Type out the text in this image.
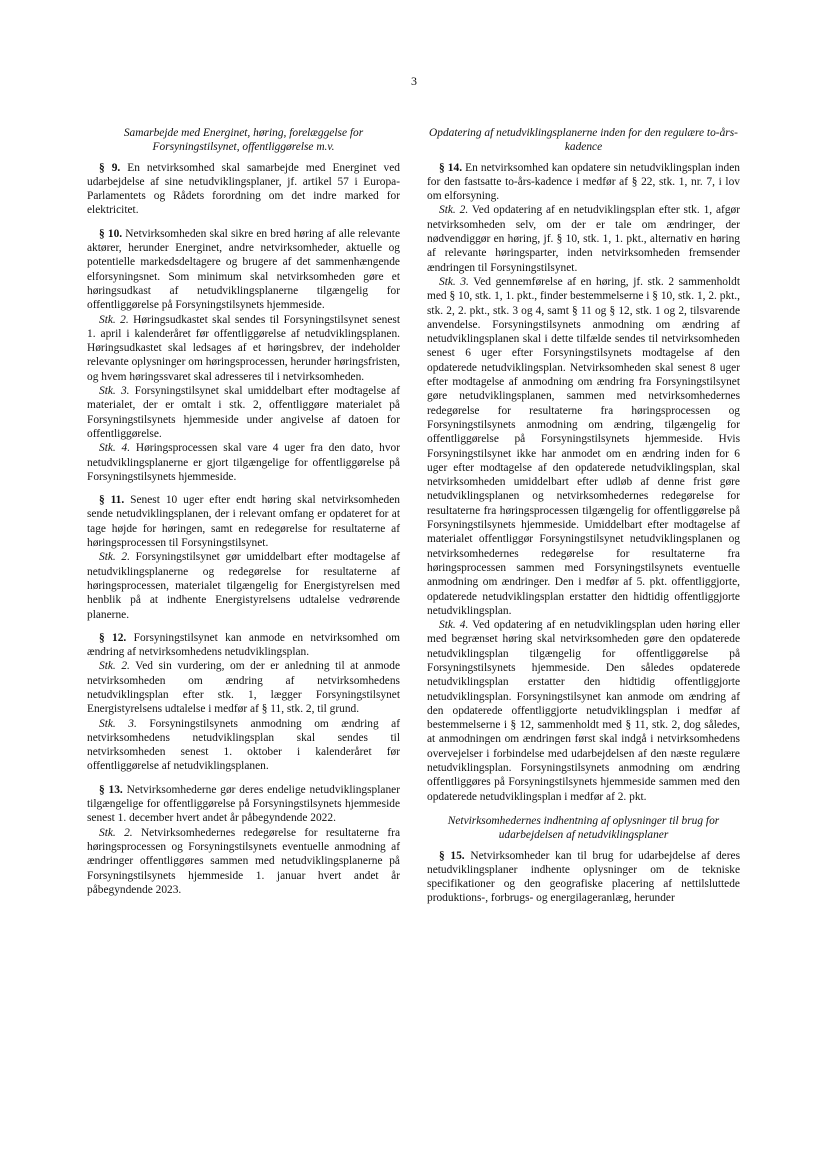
3
Samarbejde med Energinet, høring, forelæggelse for Forsyningstilsynet, offentliggørelse m.v.

§ 9. En netvirksomhed skal samarbejde med Energinet ved udarbejdelse af sine netudviklingsplaner, jf. artikel 57 i Europa-Parlamentets og Rådets forordning om det indre marked for elektricitet.

§ 10. Netvirksomheden skal sikre en bred høring af alle relevante aktører, herunder Energinet, andre netvirksomheder, aktuelle og potentielle markedsdeltagere og brugere af det sammenhængende elforsyningsnet. Som minimum skal netvirksomheden gøre et høringsudkast af netudviklingsplanerne tilgængelig for offentliggørelse på Forsyningstilsynets hjemmeside.

Stk. 2. Høringsudkastet skal sendes til Forsyningstilsynet senest 1. april i kalenderåret før offentliggørelse af netudviklingsplanen. Høringsudkastet skal ledsages af et høringsbrev, der indeholder relevante oplysninger om høringsprocessen, herunder høringsfristen, og hvem høringssvaret skal adresseres til i netvirksomheden.

Stk. 3. Forsyningstilsynet skal umiddelbart efter modtagelse af materialet, der er omtalt i stk. 2, offentliggøre materialet på Forsyningstilsynets hjemmeside under angivelse af datoen for offentliggørelse.

Stk. 4. Høringsprocessen skal vare 4 uger fra den dato, hvor netudviklingsplanerne er gjort tilgængelige for offentliggørelse på Forsyningstilsynets hjemmeside.

§ 11. Senest 10 uger efter endt høring skal netvirksomheden sende netudviklingsplanen, der i relevant omfang er opdateret for at tage højde for høringen, samt en redegørelse for resultaterne af høringsprocessen til Forsyningstilsynet.

Stk. 2. Forsyningstilsynet gør umiddelbart efter modtagelse af netudviklingsplanerne og redegørelse for resultaterne af høringsprocessen, materialet tilgængelig for Energistyrelsen med henblik på at indhente Energistyrelsens udtalelse vedrørende planerne.

§ 12. Forsyningstilsynet kan anmode en netvirksomhed om ændring af netvirksomhedens netudviklingsplan.

Stk. 2. Ved sin vurdering, om der er anledning til at anmode netvirksomheden om ændring af netvirksomhedens netudviklingsplan efter stk. 1, lægger Forsyningstilsynet Energistyrelsens udtalelse i medfør af § 11, stk. 2, til grund.

Stk. 3. Forsyningstilsynets anmodning om ændring af netvirksomhedens netudviklingsplan skal sendes til netvirksomheden senest 1. oktober i kalenderåret før offentliggørelse af netudviklingsplanen.

§ 13. Netvirksomhederne gør deres endelige netudviklingsplaner tilgængelige for offentliggørelse på Forsyningstilsynets hjemmeside senest 1. december hvert andet år påbegyndende 2022.

Stk. 2. Netvirksomhedernes redegørelse for resultaterne fra høringsprocessen og Forsyningstilsynets eventuelle anmodning af ændringer offentliggøres sammen med netudviklingsplanerne på Forsyningstilsynets hjemmeside 1. januar hvert andet år påbegyndende 2023.

Opdatering af netudviklingsplanerne inden for den regulære to-års-kadence

§ 14. En netvirksomhed kan opdatere sin netudviklingsplan inden for den fastsatte to-års-kadence i medfør af § 22, stk. 1, nr. 7, i lov om elforsyning.

Stk. 2. Ved opdatering af en netudviklingsplan efter stk. 1, afgør netvirksomheden selv, om der er tale om ændringer, der nødvendiggør en høring, jf. § 10, stk. 1, 1. pkt., alternativ en høring af relevante høringsparter, inden netvirksomheden fremsender ændringen til Forsyningstilsynet.

Stk. 3. Ved gennemførelse af en høring, jf. stk. 2 sammenholdt med § 10, stk. 1, 1. pkt., finder bestemmelserne i § 10, stk. 1, 2. pkt., stk. 2, 2. pkt., stk. 3 og 4, samt § 11 og § 12, stk. 1 og 2, tilsvarende anvendelse. Forsyningstilsynets anmodning om ændring af netudviklingsplanen skal i dette tilfælde sendes til netvirksomheden senest 6 uger efter Forsyningstilsynets modtagelse af den opdaterede netudviklingsplan. Netvirksomheden skal senest 8 uger efter modtagelse af anmodning om ændring fra Forsyningstilsynet gøre netudviklingsplanen, sammen med netvirksomhedernes redegørelse for resultaterne fra høringsprocessen og Forsyningstilsynets anmodning om ændring, tilgængelig for offentliggørelse på Forsyningstilsynets hjemmeside. Hvis Forsyningstilsynet ikke har anmodet om en ændring inden for 6 uger efter modtagelse af den opdaterede netudviklingsplan, skal netvirksomheden umiddelbart efter udløb af denne frist gøre netudviklingsplanen og netvirksomhedernes redegørelse for resultaterne fra høringsprocessen tilgængelig for offentliggørelse på Forsyningstilsynets hjemmeside. Umiddelbart efter modtagelse af materialet offentliggør Forsyningstilsynet netudviklingsplanen og netvirksomhedernes redegørelse for resultaterne fra høringsprocessen sammen med Forsyningstilsynets eventuelle anmodning om ændringer. Den i medfør af 5. pkt. offentliggjorte, opdaterede netudviklingsplan erstatter den hidtidig offentliggjorte netudviklingsplan.

Stk. 4. Ved opdatering af en netudviklingsplan uden høring eller med begrænset høring skal netvirksomheden gøre den opdaterede netudviklingsplan tilgængelig for offentliggørelse på Forsyningstilsynets hjemmeside. Den således opdaterede netudviklingsplan erstatter den hidtidig offentliggjorte netudviklingsplan. Forsyningstilsynet kan anmode om ændring af den opdaterede offentliggjorte netudviklingsplan i medfør af bestemmelserne i § 12, sammenholdt med § 11, stk. 2, dog således, at anmodningen om ændringen først skal indgå i netvirksomhedens overvejelser i forbindelse med udarbejdelsen af den næste regulære netudviklingsplan. Forsyningstilsynets anmodning om ændring offentliggøres på Forsyningstilsynets hjemmeside sammen med den opdaterede netudviklingsplan i medfør af 2. pkt.

Netvirksomhedernes indhentning af oplysninger til brug for udarbejdelsen af netudviklingsplaner

§ 15. Netvirksomheder kan til brug for udarbejdelse af deres netudviklingsplaner indhente oplysninger om de tekniske specifikationer og den geografiske placering af nettilsluttede produktions-, forbrugs- og energilageranlæg, herunder
